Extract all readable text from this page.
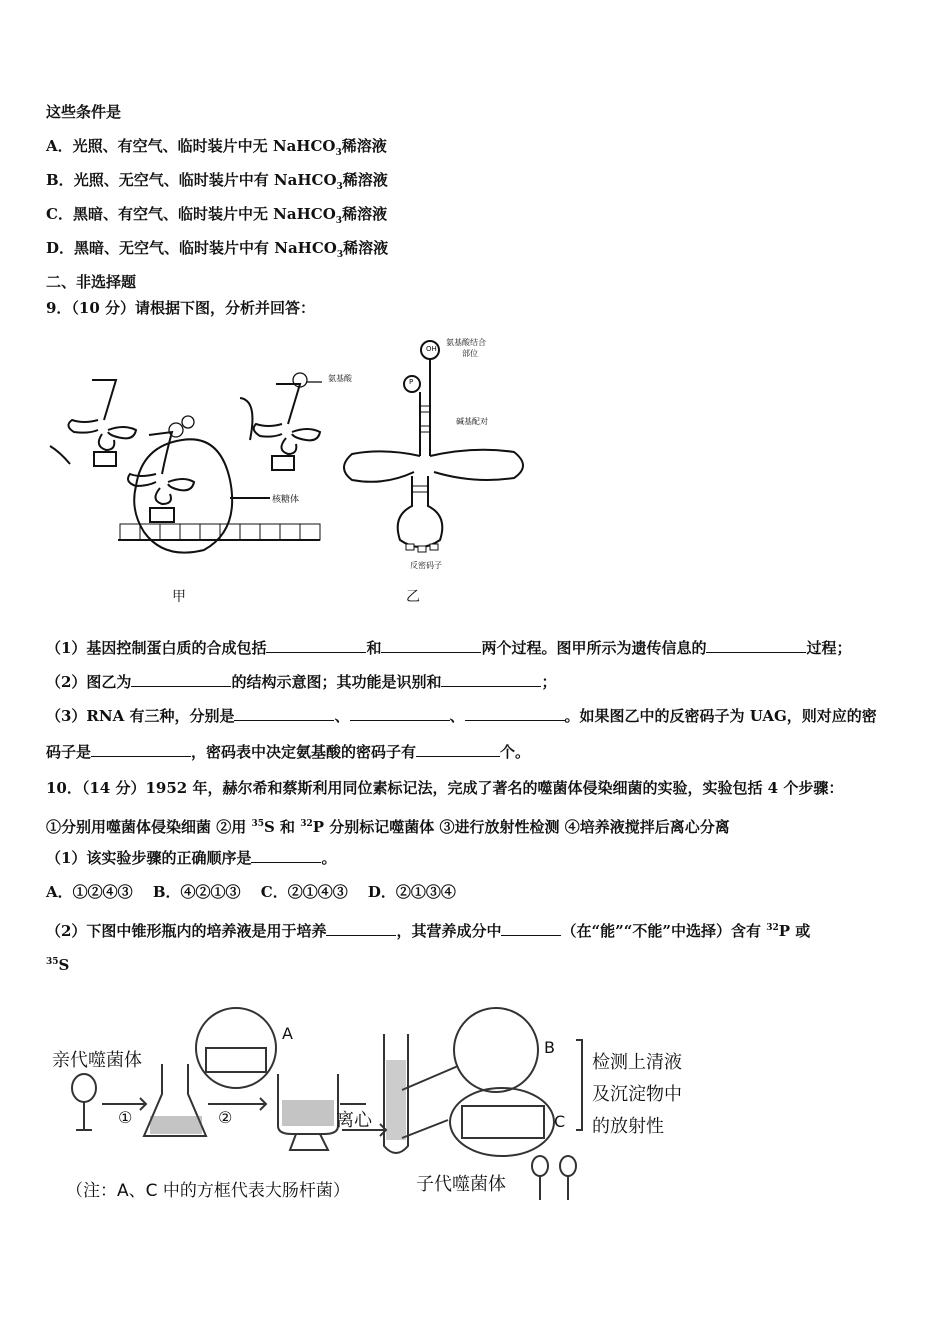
这些条件是
A．光照、有空气、临时装片中无 NaHCO$_3$稀溶液
B．光照、无空气、临时装片中有 NaHCO$_3$稀溶液
C．黑暗、有空气、临时装片中无 NaHCO$_3$稀溶液
D．黑暗、无空气、临时装片中有 NaHCO$_3$稀溶液
二、非选择题
9．（10 分）请根据下图，分析并回答：
氨基酸
核糖体
甲
OH
P
氨基酸结合
部位
碱基配对
反密码子
乙
（1）基因控制蛋白质的合成包括	和	两个过程。图甲所示为遗传信息的	过程；
（2）图乙为	的结构示意图；其功能是识别和	；
（3）RNA 有三种，分别是	、	、	。如果图乙中的反密码子为 UAG，则对应的密
码子是	，密码表中决定氨基酸的密码子有	个。
10．（14 分）1952 年，赫尔希和蔡斯利用同位素标记法，完成了著名的噬菌体侵染细菌的实验，实验包括 4 个步骤：
①分别用噬菌体侵染细菌 ②用 $^{35}$S 和 $^{32}$P 分别标记噬菌体 ③进行放射性检测 ④培养液搅拌后离心分离
（1）该实验步骤的正确顺序是	。
A．①②④③　 B．④②①③　 C．②①④③　 D．②①③④
（2）下图中锥形瓶内的培养液是用于培养	，其营养成分中	（在“能”“不能”中选择）含有 $^{32}$P 或
$^{35}$S
亲代噬菌体
①	②	离心
A
B
C
检测上清液
及沉淀物中
的放射性
（注：A、C 中的方框代表大肠杆菌）	子代噬菌体
